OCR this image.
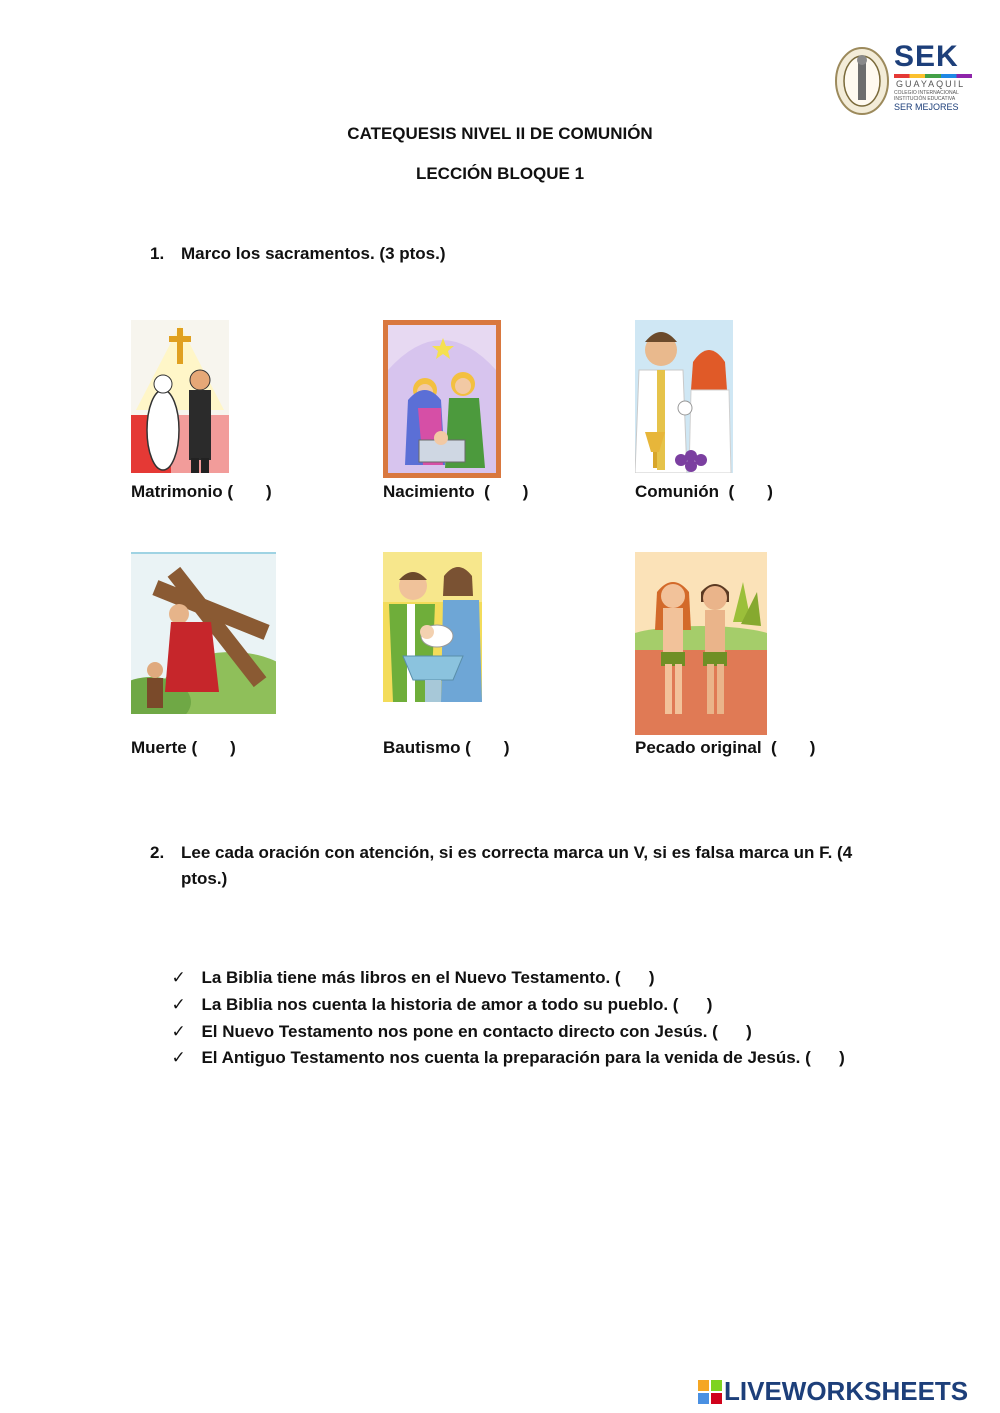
SEK
GUAYAQUIL
COLEGIO INTERNACIONAL
INSTITUCIÓN EDUCATIVA
SER MEJORES
CATEQUESIS NIVEL II DE COMUNIÓN
LECCIÓN BLOQUE 1
1. Marco los sacramentos. (3 ptos.)
Matrimonio (       )	Nacimiento  (       )	Comunión  (       )
Muerte (       )	Bautismo (       )	Pecado original  (       )
2. Lee cada oración con atención, si es correcta marca un V, si es falsa marca un F. (4
ptos.)

✓ La Biblia tiene más libros en el Nuevo Testamento. (      )

✓ La Biblia nos cuenta la historia de amor a todo su pueblo. (      )

✓ El Nuevo Testamento nos pone en contacto directo con Jesús. (      )

✓ El Antiguo Testamento nos cuenta la preparación para la venida de Jesús. (      )

LIVEWORKSHEETS
